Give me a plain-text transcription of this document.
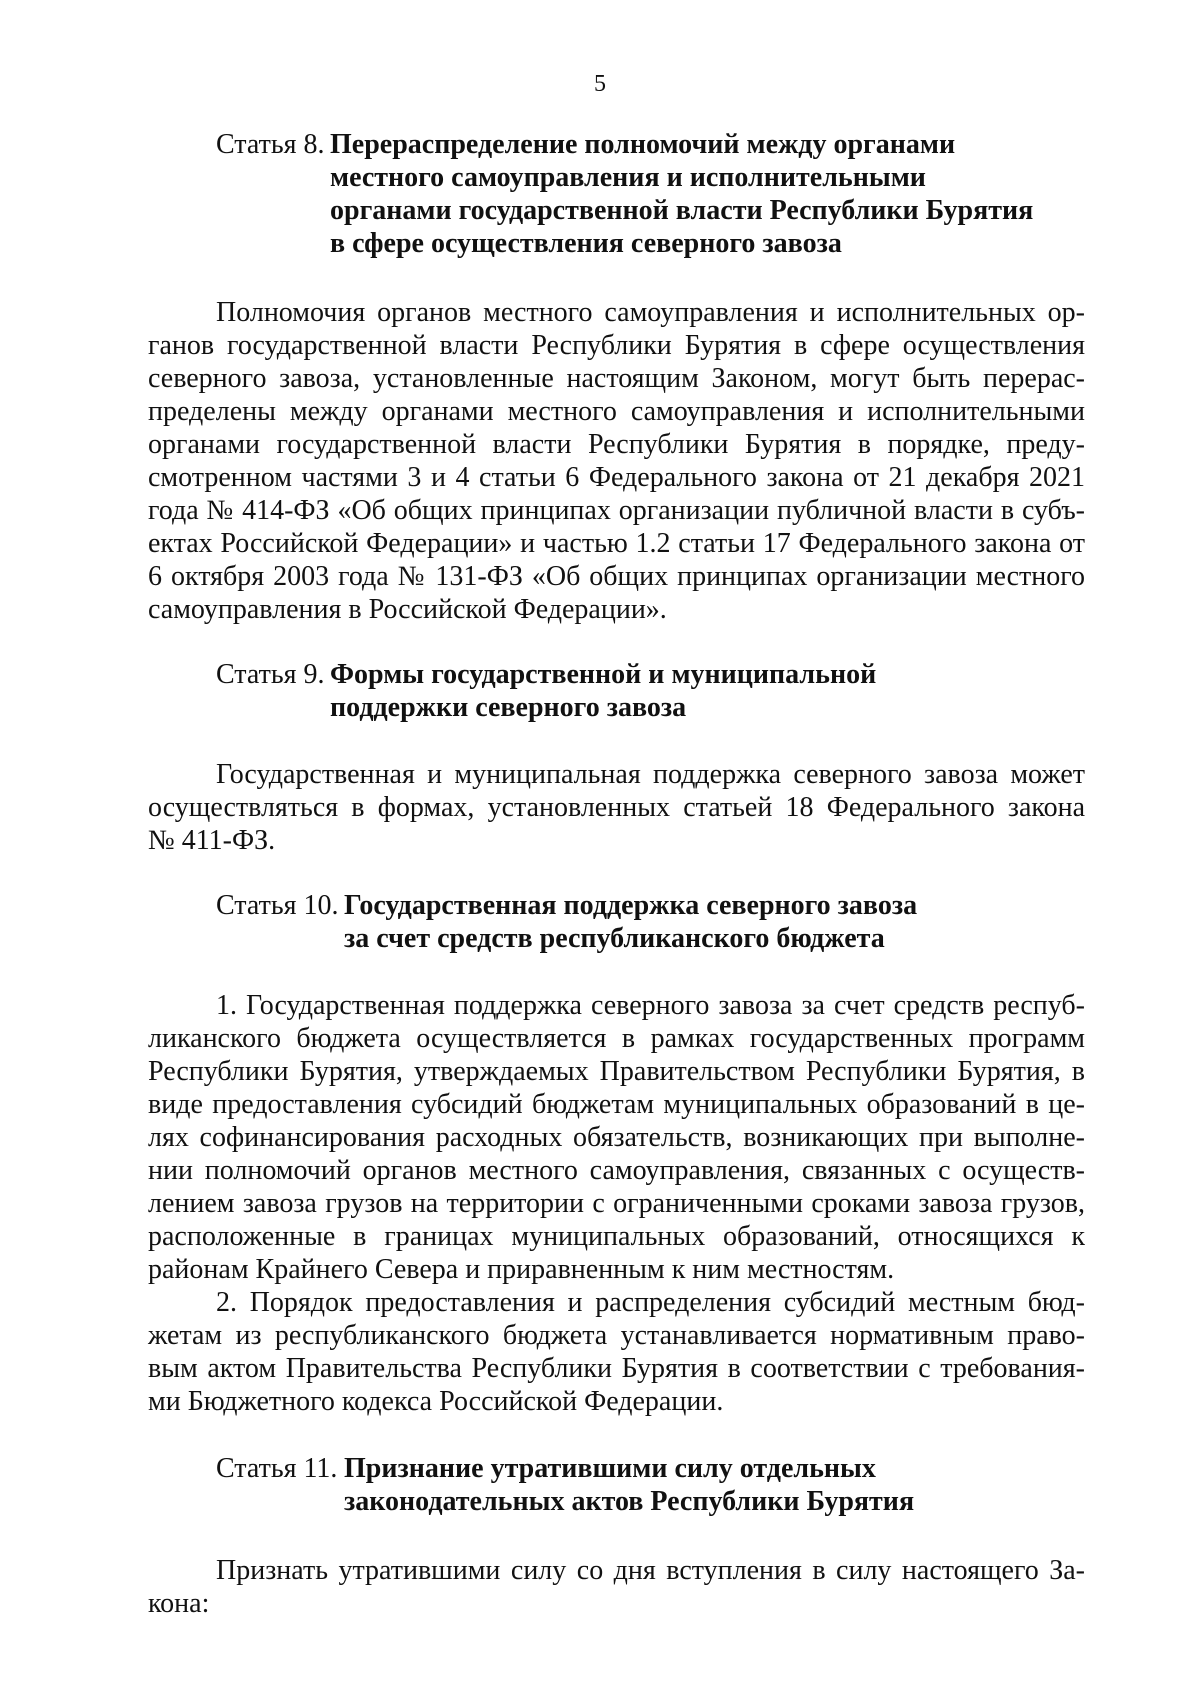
5
Статья 8. Перераспределение полномочий между органами
местного самоуправления и исполнительными
органами государственной власти Республики Бурятия
в сфере осуществления северного завоза

Полномочия органов местного самоуправления и исполнительных ор-
ганов государственной власти Республики Бурятия в сфере осуществления
северного завоза, установленные настоящим Законом, могут быть перерас-
пределены между органами местного самоуправления и исполнительными
органами государственной власти Республики Бурятия в порядке, преду-
смотренном частями 3 и 4 статьи 6 Федерального закона от 21 декабря 2021
года № 414-ФЗ «Об общих принципах организации публичной власти в субъ-
ектах Российской Федерации» и частью 1.2 статьи 17 Федерального закона от
6 октября 2003 года № 131-ФЗ «Об общих принципах организации местного
самоуправления в Российской Федерации».

Статья 9. Формы государственной и муниципальной
поддержки северного завоза

Государственная и муниципальная поддержка северного завоза может
осуществляться в формах, установленных статьей 18 Федерального закона
№ 411-ФЗ.

Статья 10. Государственная поддержка северного завоза
за счет средств республиканского бюджета

1. Государственная поддержка северного завоза за счет средств респуб-
ликанского бюджета осуществляется в рамках государственных программ
Республики Бурятия, утверждаемых Правительством Республики Бурятия, в
виде предоставления субсидий бюджетам муниципальных образований в це-
лях софинансирования расходных обязательств, возникающих при выполне-
нии полномочий органов местного самоуправления, связанных с осуществ-
лением завоза грузов на территории с ограниченными сроками завоза грузов,
расположенные в границах муниципальных образований, относящихся к
районам Крайнего Севера и приравненным к ним местностям.

2. Порядок предоставления и распределения субсидий местным бюд-
жетам из республиканского бюджета устанавливается нормативным право-
вым актом Правительства Республики Бурятия в соответствии с требования-
ми Бюджетного кодекса Российской Федерации.

Статья 11. Признание утратившими силу отдельных
законодательных актов Республики Бурятия

Признать утратившими силу со дня вступления в силу настоящего За-
кона:
